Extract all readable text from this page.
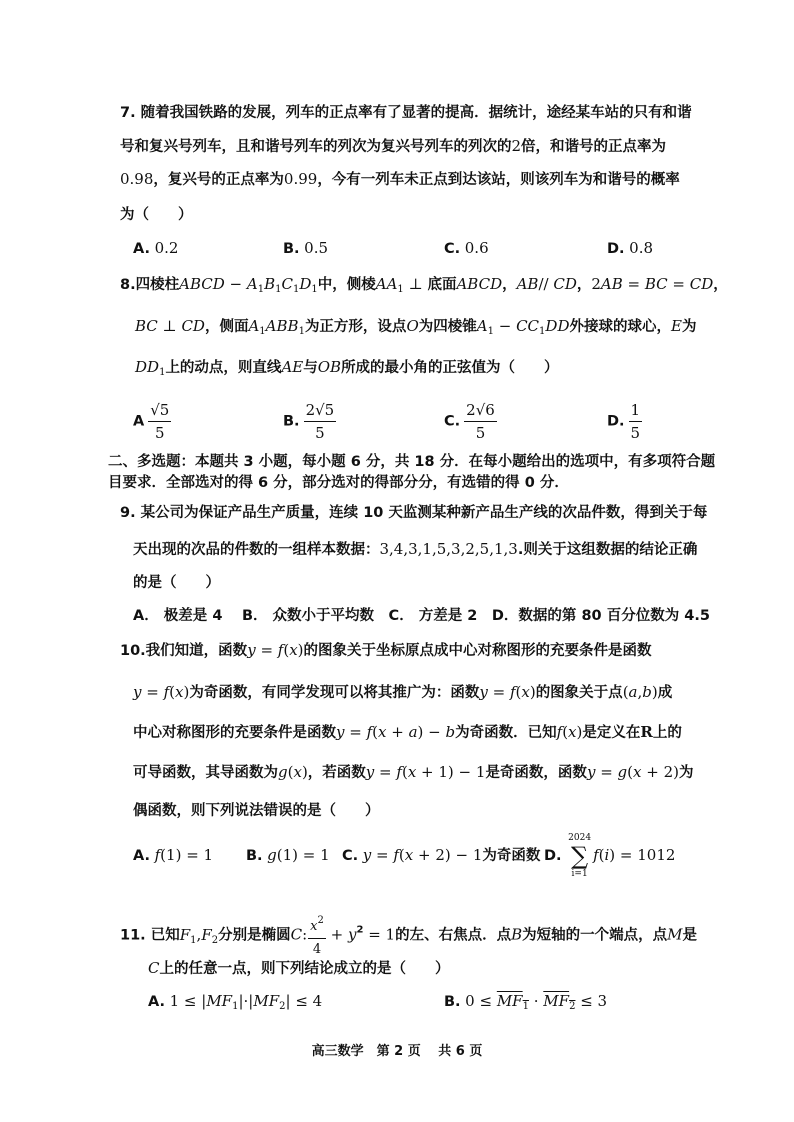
7. 随着我国铁路的发展，列车的正点率有了显著的提高．据统计，途经某车站的只有和谐
号和复兴号列车，且和谐号列车的列次为复兴号列车的列次的2倍，和谐号的正点率为
0.98，复兴号的正点率为0.99，今有一列车未正点到达该站，则该列车为和谐号的概率
为（　　）
A. 0.2	B. 0.5	C. 0.6	D. 0.8
8.四棱柱ABCD − $A_1B_1C_1D_1$中，侧棱$AA_1$ ⊥ 底面ABCD，AB// CD，2AB = BC = CD，
BC ⊥ CD，侧面$A_1ABB_1$为正方形，设点O为四棱锥$A_1 - CC_1DD$外接球的球心，E为
$DD_1$上的动点，则直线AE与OB所成的最小角的正弦值为（　　）
A $\frac{√5}{5}$	B. $\frac{2√5}{5}$	C. $\frac{2√6}{5}$	D. $\frac{1}{5}$
二、多选题：本题共 3 小题，每小题 6 分，共 18 分．在每小题给出的选项中，有多项符合题
目要求．全部选对的得 6 分，部分选对的得部分分，有选错的得 0 分．
9. 某公司为保证产品生产质量，连续 10 天监测某种新产品生产线的次品件数，得到关于每
天出现的次品的件数的一组样本数据：3,4,3,1,5,3,2,5,1,3.则关于这组数据的结论正确
的是（　　）
A． 极差是 4　 B． 众数小于平均数　C． 方差是 2　D．数据的第 80 百分位数为 4.5
10.我们知道，函数y = f(x)的图象关于坐标原点成中心对称图形的充要条件是函数
y = f(x)为奇函数，有同学发现可以将其推广为：函数y = f(x)的图象关于点(a,b)成
中心对称图形的充要条件是函数y = f(x + a) − b为奇函数．已知f(x)是定义在R上的
可导函数，其导函数为g(x)，若函数y = f(x + 1) − 1是奇函数，函数y = g(x + 2)为
偶函数，则下列说法错误的是（　　）
A. f(1) = 1 B. g(1) = 1 C. y = f(x + 2) − 1为奇函数 D.
2024
∑
i=1
f(i) = 1012
11. 已知$F_1,F_2$分别是椭圆C: $\frac{x^2}{4} + y^2 = 1$的左、右焦点．点B为短轴的一个端点，点M是
C上的任意一点，则下列结论成立的是（　　）
A. $1 \le |MF_1|\cdot|MF_2| \le 4$	B. $0 \le MF_1 \cdot MF_2 \le 3$
高三数学　第 2 页　 共 6 页
